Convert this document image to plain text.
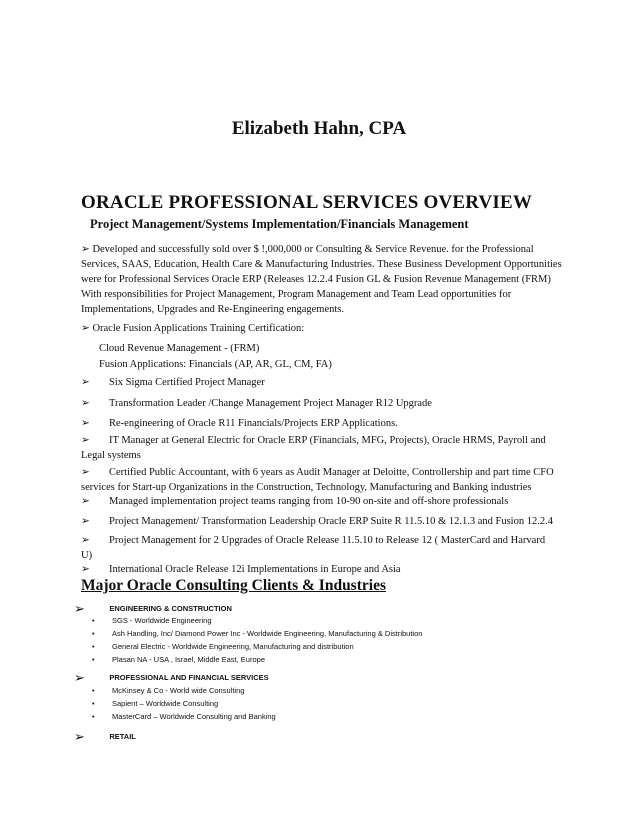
Elizabeth Hahn, CPA
ORACLE PROFESSIONAL SERVICES OVERVIEW
Project Management/Systems Implementation/Financials Management
➢ Developed and successfully sold over $ !,000,000 or Consulting & Service Revenue. for the Professional
Services, SAAS, Education, Health Care & Manufacturing Industries. These Business Development Opportunities
were for Professional Services Oracle ERP (Releases 12.2.4 Fusion GL & Fusion Revenue Management (FRM)
With responsibilities for Project Management, Program Management and Team Lead opportunities for
Implementations, Upgrades and Re-Engineering engagements.
➢ Oracle Fusion Applications Training Certification:
Cloud Revenue Management - (FRM)
Fusion Applications: Financials (AP, AR, GL, CM, FA)
➢ Six Sigma Certified Project Manager
➢ Transformation Leader /Change Management Project Manager R12 Upgrade
➢ Re-engineering of Oracle R11 Financials/Projects ERP Applications.
➢ IT Manager at General Electric for Oracle ERP (Financials, MFG, Projects), Oracle HRMS, Payroll and
Legal systems
➢ Certified Public Accountant, with 6 years as Audit Manager at Deloitte, Controllership and part time CFO
services for Start-up Organizations in the Construction, Technology, Manufacturing and Banking industries
➢ Managed implementation project teams ranging from 10-90 on-site and off-shore professionals
➢ Project Management/ Transformation Leadership Oracle ERP Suite R 11.5.10 & 12.1.3 and Fusion 12.2.4
➢ Project Management for 2 Upgrades of Oracle Release 11.5.10 to Release 12 ( MasterCard and Harvard
U)
➢ International Oracle Release 12i Implementations in Europe and Asia
Major Oracle Consulting Clients & Industries
➢	ENGINEERING & CONSTRUCTION
• SGS - Worldwide Engineering
• Ash Handling, Inc/ Diamond Power Inc - Worldwide Engineering, Manufacturing & Distribution
• General Electric - Worldwide Engineering, Manufacturing and distribution
• Plasan NA - USA , Israel, Middle East, Europe
➢	PROFESSIONAL AND FINANCIAL SERVICES
• McKinsey & Co - World wide Consulting
• Sapient – Worldwide Consulting
• MasterCard – Worldwide Consulting and Banking
➢	RETAIL
